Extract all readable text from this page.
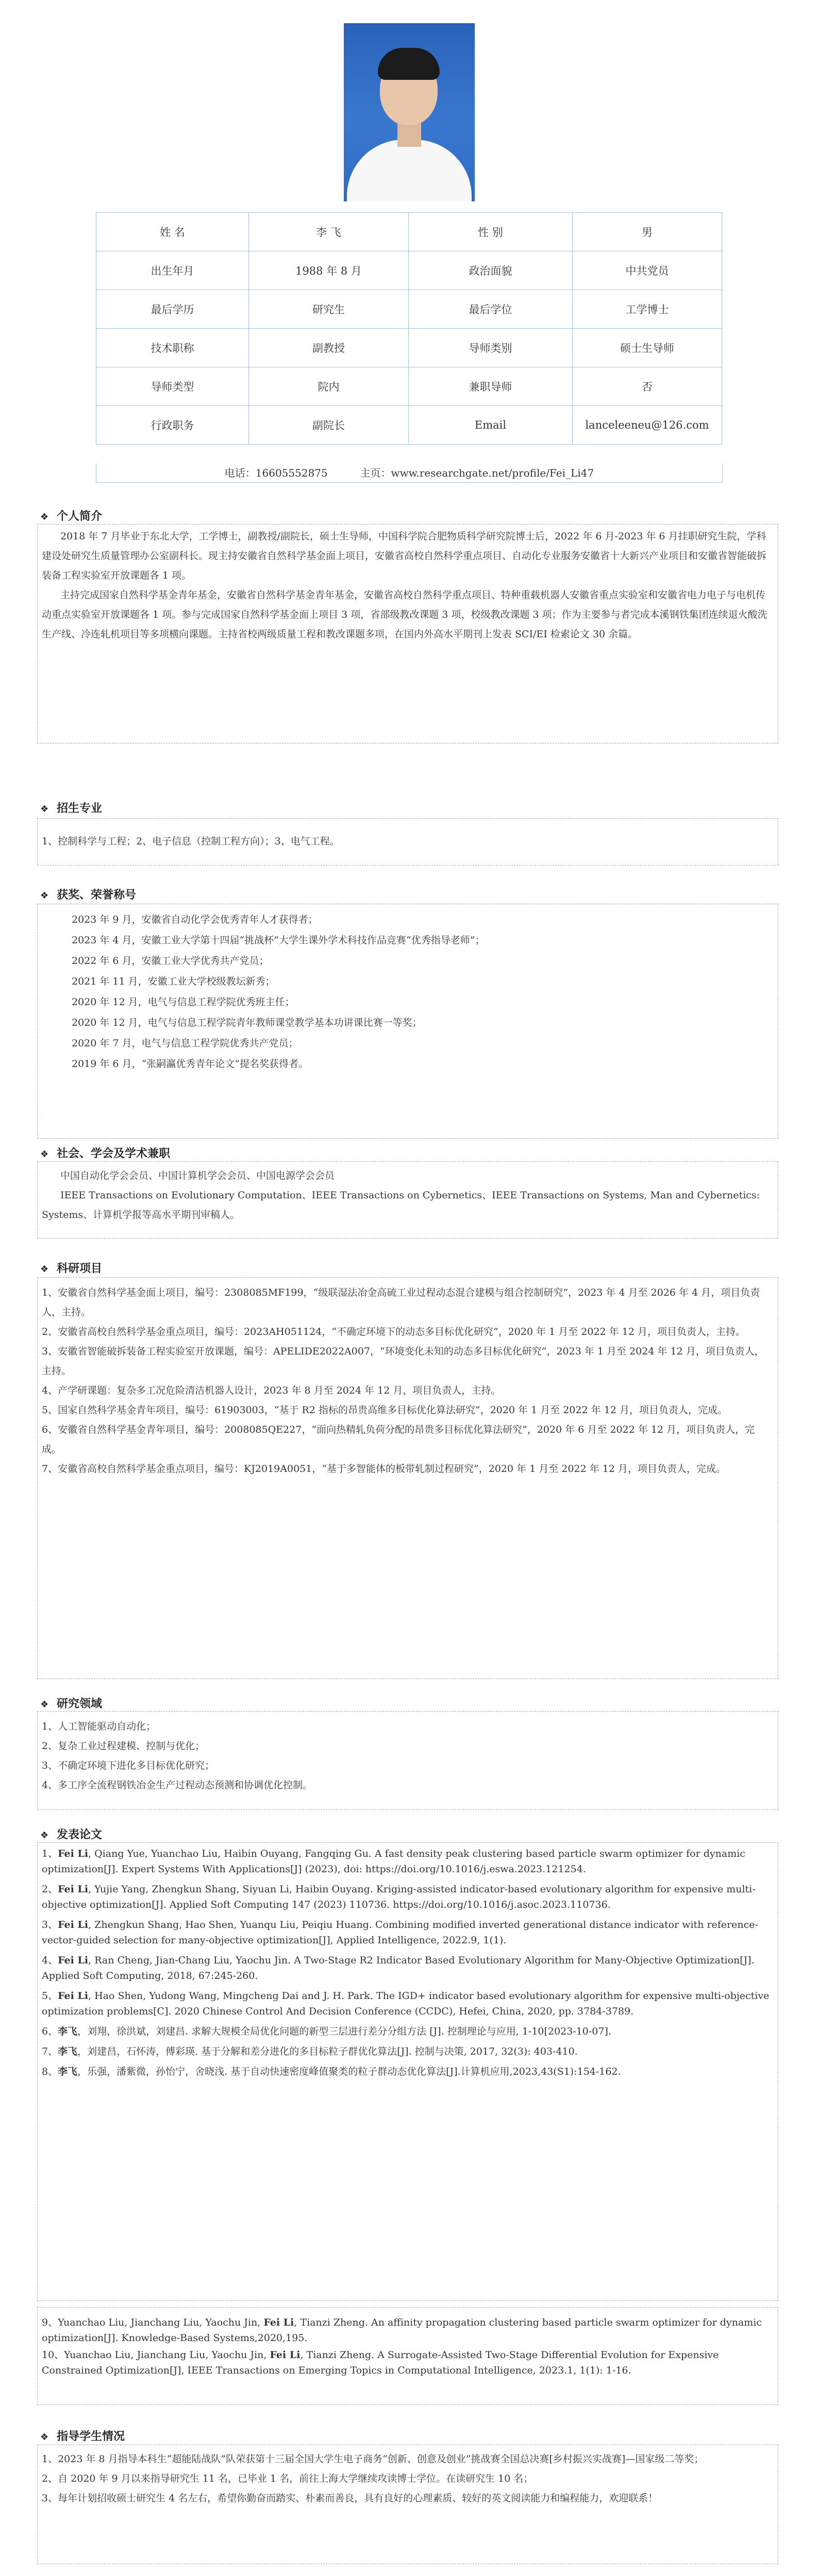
姓 名	李 飞	性 别	男
出生年月	1988 年 8 月	政治面貌	中共党员
最后学历	研究生	最后学位	工学博士
技术职称	副教授	导师类别	硕士生导师
导师类型	院内	兼职导师	否
行政职务	副院长	Email	lanceleeneu@126.com
电话：16605552875	主页：www.researchgate.net/profile/Fei_Li47
❖ 个人简介

2018 年 7 月毕业于东北大学，工学博士，副教授/副院长，硕士生导师，中国科学院合肥物质科学研究院博士后，2022 年 6 月-2023 年 6 月挂职研究生院，学科建设处研究生质量管理办公室副科长。现主持安徽省自然科学基金面上项目，安徽省高校自然科学重点项目、自动化专业服务安徽省十大新兴产业项目和安徽省智能破拆装备工程实验室开放课题各 1 项。

主持完成国家自然科学基金青年基金，安徽省自然科学基金青年基金，安徽省高校自然科学重点项目、特种重载机器人安徽省重点实验室和安徽省电力电子与电机传动重点实验室开放课题各 1 项。参与完成国家自然科学基金面上项目 3 项，省部级教改课题 3 项，校级教改课题 3 项；作为主要参与者完成本溪钢铁集团连续退火酸洗生产线、冷连轧机项目等多项横向课题。主持省校两级质量工程和教改课题多项，在国内外高水平期刊上发表 SCI/EI 检索论文 30 余篇。

❖ 招生专业

1、控制科学与工程；2、电子信息（控制工程方向）；3、电气工程。

❖ 获奖、荣誉称号

2023 年 9 月，安徽省自动化学会优秀青年人才获得者；

2023 年 4 月，安徽工业大学第十四届“挑战杯”大学生课外学术科技作品竞赛“优秀指导老师”；

2022 年 6 月，安徽工业大学优秀共产党员；

2021 年 11 月，安徽工业大学校级教坛新秀；

2020 年 12 月，电气与信息工程学院优秀班主任；

2020 年 12 月，电气与信息工程学院青年教师课堂教学基本功讲课比赛一等奖；

2020 年 7 月，电气与信息工程学院优秀共产党员；

2019 年 6 月，“张嗣瀛优秀青年论文”提名奖获得者。

❖ 社会、学会及学术兼职

中国自动化学会会员、中国计算机学会会员、中国电源学会会员

IEEE Transactions on Evolutionary Computation、IEEE Transactions on Cybernetics、IEEE Transactions on Systems, Man and Cybernetics: Systems、计算机学报等高水平期刊审稿人。

❖ 科研项目

1、安徽省自然科学基金面上项目，编号：2308085MF199，“级联湿法冶金高硫工业过程动态混合建模与组合控制研究”，2023 年 4 月至 2026 年 4 月，项目负责人，主持。

2、安徽省高校自然科学基金重点项目，编号：2023AH051124，“不确定环境下的动态多目标优化研究”，2020 年 1 月至 2022 年 12 月，项目负责人，主持。

3、安徽省智能破拆装备工程实验室开放课题，编号：APELIDE2022A007，“环境变化未知的动态多目标优化研究”，2023 年 1 月至 2024 年 12 月，项目负责人，主持。

4、产学研课题：复杂多工况危险清洁机器人设计，2023 年 8 月至 2024 年 12 月，项目负责人，主持。

5、国家自然科学基金青年项目，编号：61903003，“基于 R2 指标的昂贵高维多目标优化算法研究”，2020 年 1 月至 2022 年 12 月，项目负责人，完成。

6、安徽省自然科学基金青年项目，编号：2008085QE227，“面向热精轧负荷分配的昂贵多目标优化算法研究”，2020 年 6 月至 2022 年 12 月，项目负责人，完成。

7、安徽省高校自然科学基金重点项目，编号：KJ2019A0051，“基于多智能体的板带轧制过程研究”，2020 年 1 月至 2022 年 12 月，项目负责人，完成。

❖ 研究领域

1、人工智能驱动自动化；

2、复杂工业过程建模、控制与优化；

3、不确定环境下进化多目标优化研究；

4、多工序全流程钢铁冶金生产过程动态预测和协调优化控制。

❖ 发表论文

1、Fei Li, Qiang Yue, Yuanchao Liu, Haibin Ouyang, Fangqing Gu. A fast density peak clustering based particle swarm optimizer for dynamic optimization[J]. Expert Systems With Applications[J] (2023), doi: https://doi.org/10.1016/j.eswa.2023.121254.

2、Fei Li, Yujie Yang, Zhengkun Shang, Siyuan Li, Haibin Ouyang. Kriging-assisted indicator-based evolutionary algorithm for expensive multi-objective optimization[J]. Applied Soft Computing 147 (2023) 110736. https://doi.org/10.1016/j.asoc.2023.110736.

3、Fei Li, Zhengkun Shang, Hao Shen, Yuanqu Liu, Peiqiu Huang. Combining modified inverted generational distance indicator with reference-vector-guided selection for many-objective optimization[J], Applied Intelligence, 2022.9, 1(1).

4、Fei Li, Ran Cheng, Jian-Chang Liu, Yaochu Jin. A Two-Stage R2 Indicator Based Evolutionary Algorithm for Many-Objective Optimization[J]. Applied Soft Computing, 2018, 67:245-260.

5、Fei Li, Hao Shen, Yudong Wang, Mingcheng Dai and J. H. Park. The IGD+ indicator based evolutionary algorithm for expensive multi-objective optimization problems[C]. 2020 Chinese Control And Decision Conference (CCDC), Hefei, China, 2020, pp. 3784-3789.

6、李飞，刘翔，徐洪斌，刘建昌. 求解大规模全局优化问题的新型三层进行差分分组方法 [J]. 控制理论与应用, 1-10[2023-10-07].

7、李飞，刘建昌，石怀涛，傅彩瑛. 基于分解和差分进化的多目标粒子群优化算法[J]. 控制与决策, 2017, 32(3): 403-410.

8、李飞，乐强，潘紫微，孙怡宁，舍晓浅. 基于自动快速密度峰值聚类的粒子群动态优化算法[J].计算机应用,2023,43(S1):154-162.

9、Yuanchao Liu, Jianchang Liu, Yaochu Jin, Fei Li, Tianzi Zheng. An affinity propagation clustering based particle swarm optimizer for dynamic optimization[J]. Knowledge-Based Systems,2020,195.

10、Yuanchao Liu, Jianchang Liu, Yaochu Jin, Fei Li, Tianzi Zheng. A Surrogate-Assisted Two-Stage Differential Evolution for Expensive Constrained Optimization[J], IEEE Transactions on Emerging Topics in Computational Intelligence, 2023.1, 1(1): 1-16.

❖ 指导学生情况

1、2023 年 8 月指导本科生“超能陆战队”队荣获第十三届全国大学生电子商务“创新、创意及创业”挑战赛全国总决赛[乡村振兴实战赛]—国家级二等奖；

2、自 2020 年 9 月以来指导研究生 11 名，已毕业 1 名，前往上海大学继续攻读博士学位。在读研究生 10 名；

3、每年计划招收硕士研究生 4 名左右，希望你勤奋而踏实、朴素而善良，具有良好的心理素质、较好的英文阅读能力和编程能力，欢迎联系！
